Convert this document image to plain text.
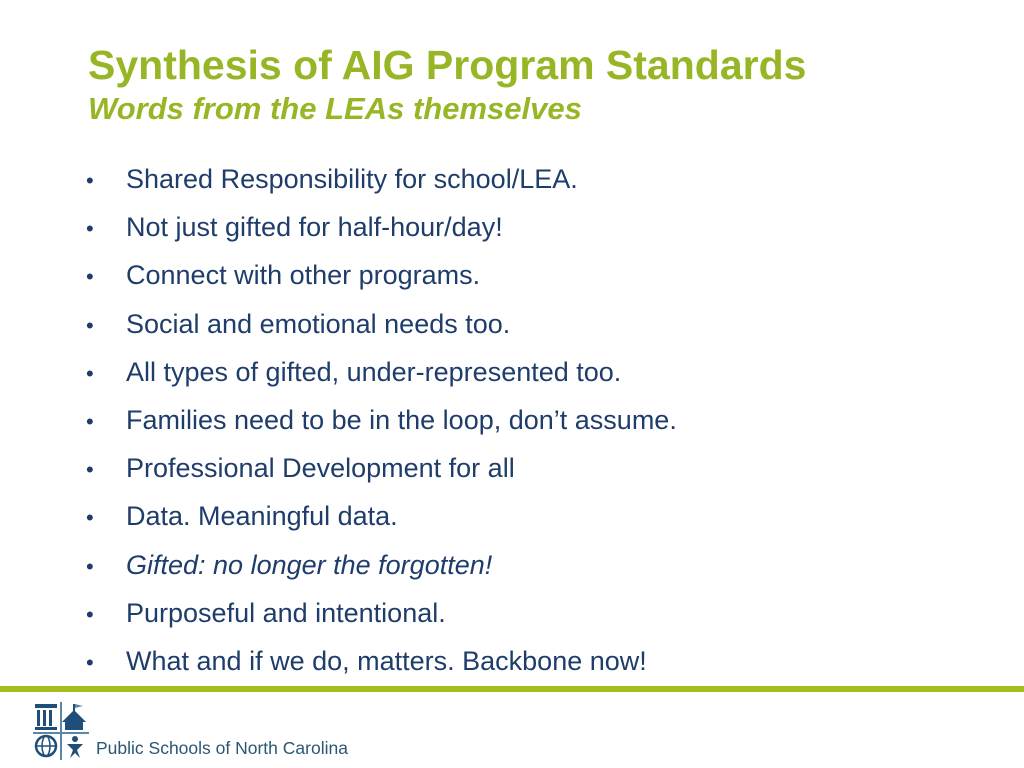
Synthesis of AIG Program Standards
Words from the LEAs themselves
•	Shared Responsibility for school/LEA.
•	Not just gifted for half-hour/day!
•	Connect with other programs.
•	Social and emotional needs too.
•	All types of gifted, under-represented too.
•	Families need to be in the loop, don’t assume.
•	Professional Development for all
•	Data. Meaningful data.
•	Gifted: no longer the forgotten!
•	Purposeful and intentional.
•	What and if we do, matters. Backbone now!
Public Schools of North Carolina
